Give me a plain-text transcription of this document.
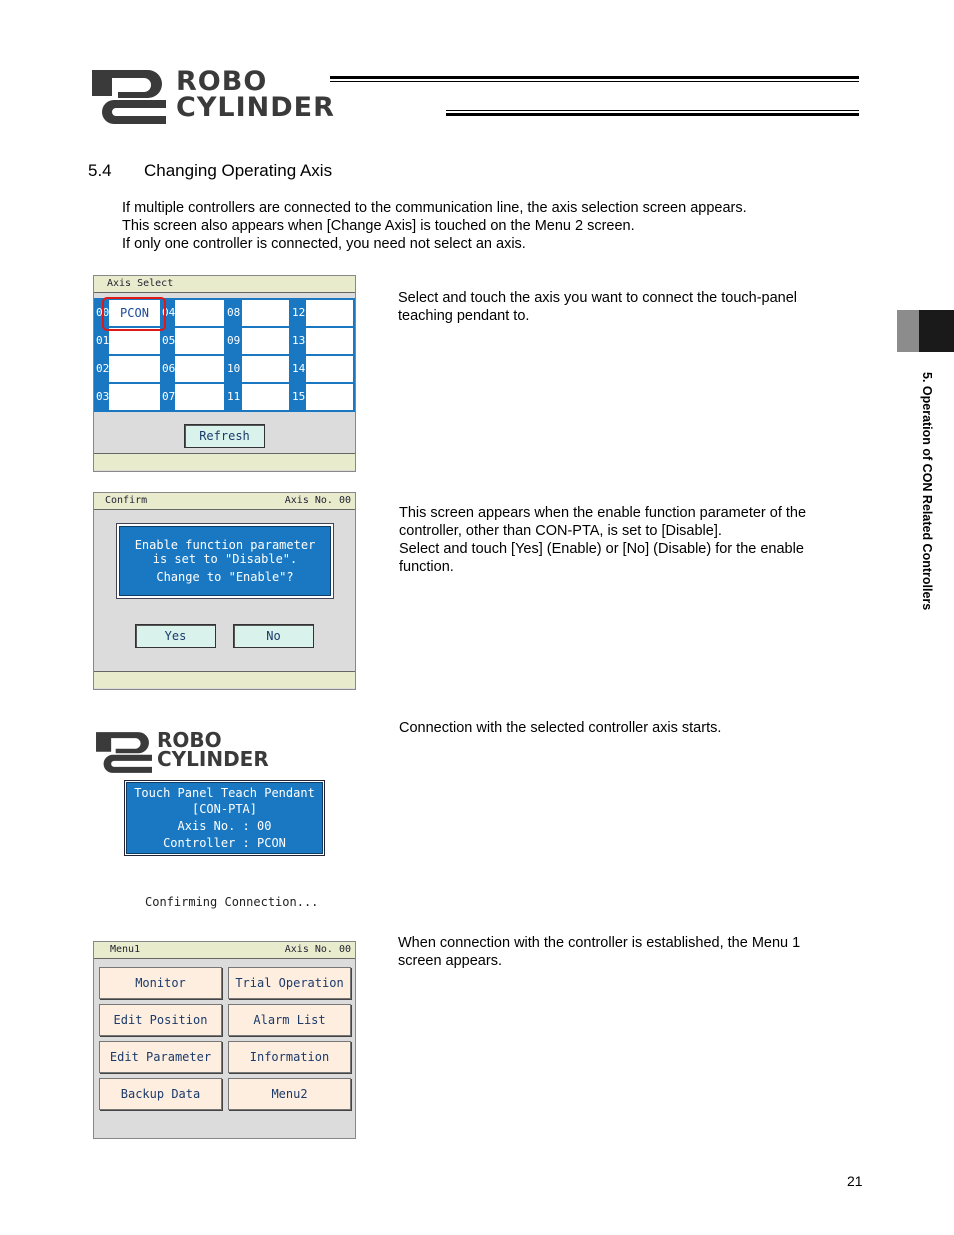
ROBO
CYLINDER
5.4 Changing Operating Axis
If multiple controllers are connected to the communication line, the axis selection screen appears.
This screen also appears when [Change Axis] is touched on the Menu 2 screen.
If only one controller is connected, you need not select an axis.
Axis Select
00 PCON	04	08	12
01	05	09	13
02	06	10	14
03	07	11	15
Refresh
Select and touch the axis you want to connect the touch-panel
teaching pendant to.
Confirm	Axis No. 00
Enable function parameter
is set to "Disable".
Change to "Enable"?
Yes	No
This screen appears when the enable function parameter of the
controller, other than CON-PTA, is set to [Disable].
Select and touch [Yes] (Enable) or [No] (Disable) for the enable
function.
ROBO
CYLINDER
Touch Panel Teach Pendant
[CON-PTA]
Axis No. : 00
Controller : PCON
Confirming Connection...
Connection with the selected controller axis starts.
Menu1	Axis No. 00
Monitor	Trial Operation
Edit Position	Alarm List
Edit Parameter	Information
Backup Data	Menu2
When connection with the controller is established, the Menu 1
screen appears.
5. Operation of CON Related Controllers
21
